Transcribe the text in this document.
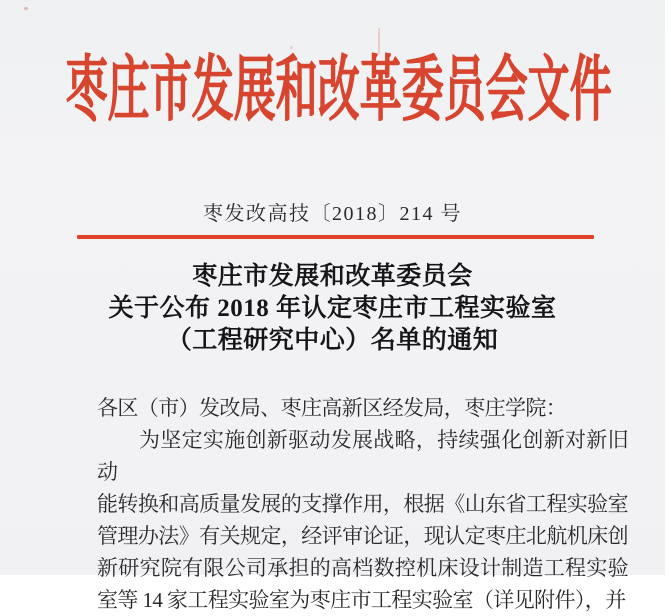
枣庄市发展和改革委员会文件
枣发改高技〔2018〕214 号
枣庄市发展和改革委员会
关于公布 2018 年认定枣庄市工程实验室
（工程研究中心）名单的通知
各区（市）发改局、枣庄高新区经发局，枣庄学院：
为坚定实施创新驱动发展战略，持续强化创新对新旧动
能转换和高质量发展的支撑作用，根据《山东省工程实验室
管理办法》有关规定，经评审论证，现认定枣庄北航机床创
新研究院有限公司承担的高档数控机床设计制造工程实验
室等 14 家工程实验室为枣庄市工程实验室（详见附件），并
